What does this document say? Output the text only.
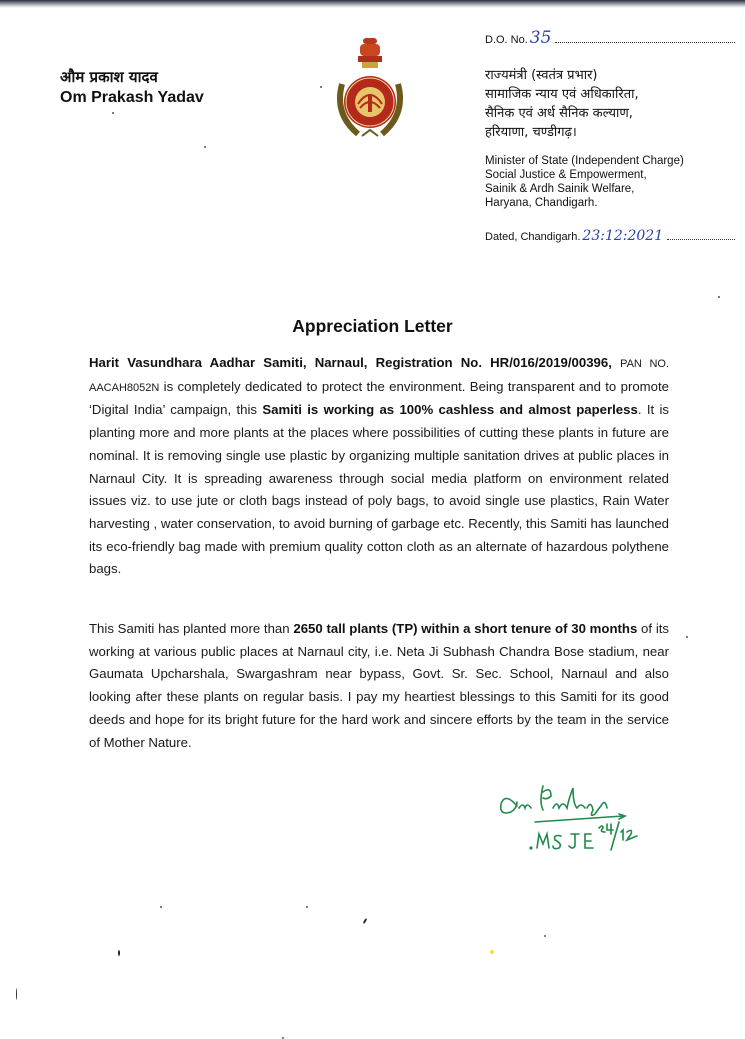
औम प्रकाश यादव
Om Prakash Yadav
D.O. No. 35
राज्यमंत्री (स्वतंत्र प्रभार)
सामाजिक न्याय एवं अधिकारिता,
सैनिक एवं अर्ध सैनिक कल्याण,
हरियाणा, चण्डीगढ़।
Minister of State (Independent Charge)
Social Justice & Empowerment,
Sainik & Ardh Sainik Welfare,
Haryana, Chandigarh.
Dated, Chandigarh. 23:12:2021
Appreciation Letter
Harit Vasundhara Aadhar Samiti, Narnaul, Registration No. HR/016/2019/00396, PAN NO. AACAH8052N is completely dedicated to protect the environment. Being transparent and to promote ‘Digital India’ campaign, this Samiti is working as 100% cashless and almost paperless. It is planting more and more plants at the places where possibilities of cutting these plants in future are nominal. It is removing single use plastic by organizing multiple sanitation drives at public places in Narnaul City. It is spreading awareness through social media platform on environment related issues viz. to use jute or cloth bags instead of poly bags, to avoid single use plastics, Rain Water harvesting , water conservation, to avoid burning of garbage etc. Recently, this Samiti has launched its eco-friendly bag made with premium quality cotton cloth as an alternate of hazardous polythene bags.
This Samiti has planted more than 2650 tall plants (TP) within a short tenure of 30 months of its working at various public places at Narnaul city, i.e. Neta Ji Subhash Chandra Bose stadium, near Gaumata Upcharshala, Swargashram near bypass, Govt. Sr. Sec. School, Narnaul and also looking after these plants on regular basis. I pay my heartiest blessings to this Samiti for its good deeds and hope for its bright future for the hard work and sincere efforts by the team in the service of Mother Nature.
